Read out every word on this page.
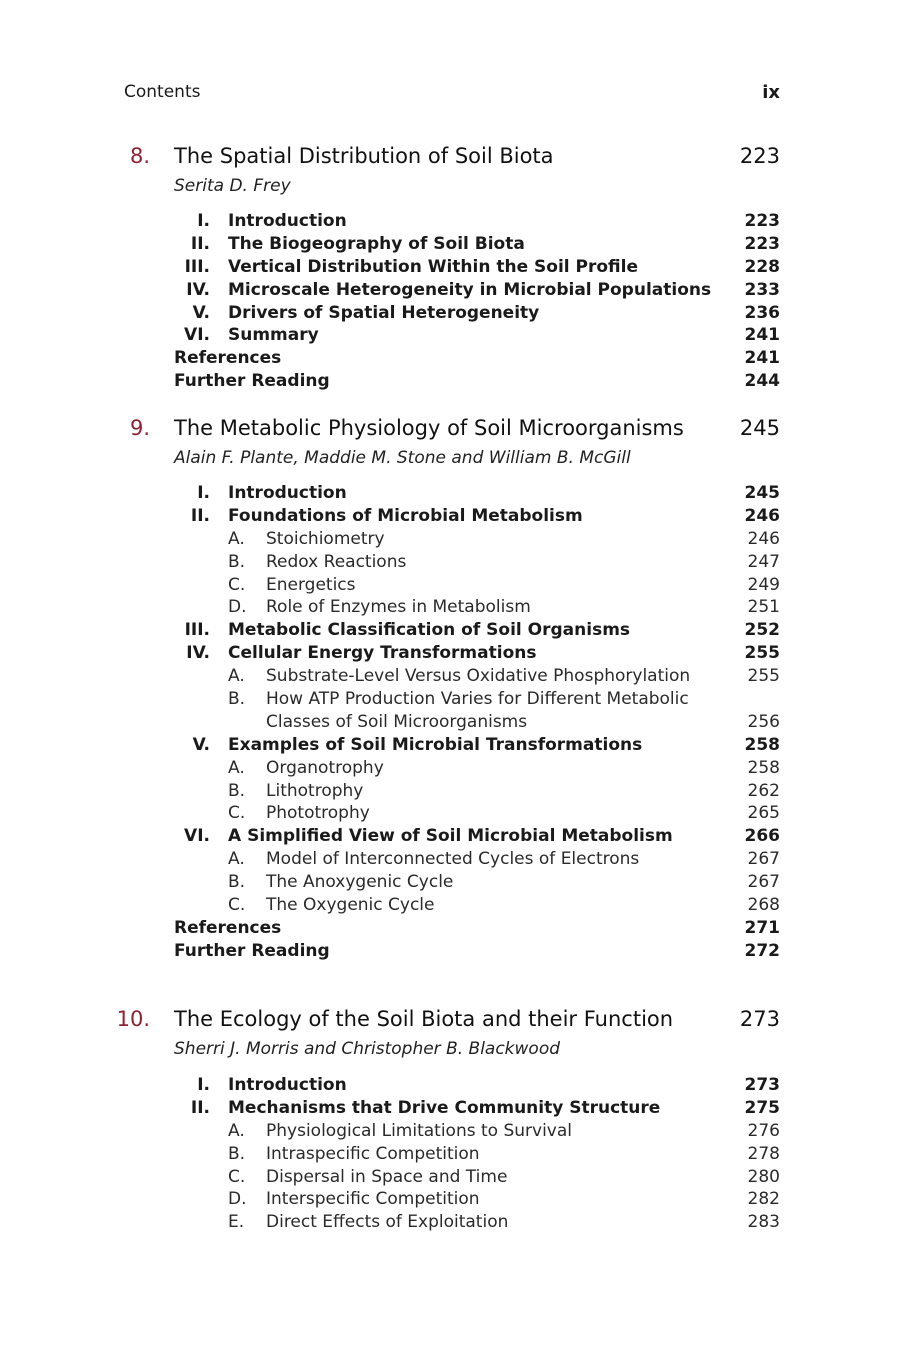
Contents	ix
8. The Spatial Distribution of Soil Biota	223
Serita D. Frey
I. Introduction	223
II. The Biogeography of Soil Biota	223
III. Vertical Distribution Within the Soil Profile	228
IV. Microscale Heterogeneity in Microbial Populations 233
V. Drivers of Spatial Heterogeneity	236
VI. Summary	241
References	241
Further Reading	244
9. The Metabolic Physiology of Soil Microorganisms	245
Alain F. Plante, Maddie M. Stone and William B. McGill
I. Introduction	245
II. Foundations of Microbial Metabolism	246
A. Stoichiometry	246
B. Redox Reactions	247
C. Energetics	249
D. Role of Enzymes in Metabolism	251
III. Metabolic Classification of Soil Organisms	252
IV. Cellular Energy Transformations	255
A. Substrate-Level Versus Oxidative Phosphorylation	255
B. How ATP Production Varies for Different Metabolic
Classes of Soil Microorganisms	256
V. Examples of Soil Microbial Transformations	258
A. Organotrophy	258
B. Lithotrophy	262
C. Phototrophy	265
VI. A Simplified View of Soil Microbial Metabolism	266
A. Model of Interconnected Cycles of Electrons	267
B. The Anoxygenic Cycle	267
C. The Oxygenic Cycle	268
References	271
Further Reading	272
10. The Ecology of the Soil Biota and their Function	273
Sherri J. Morris and Christopher B. Blackwood
I. Introduction	273
II. Mechanisms that Drive Community Structure	275
A. Physiological Limitations to Survival	276
B. Intraspecific Competition	278
C. Dispersal in Space and Time	280
D. Interspecific Competition	282
E. Direct Effects of Exploitation	283
